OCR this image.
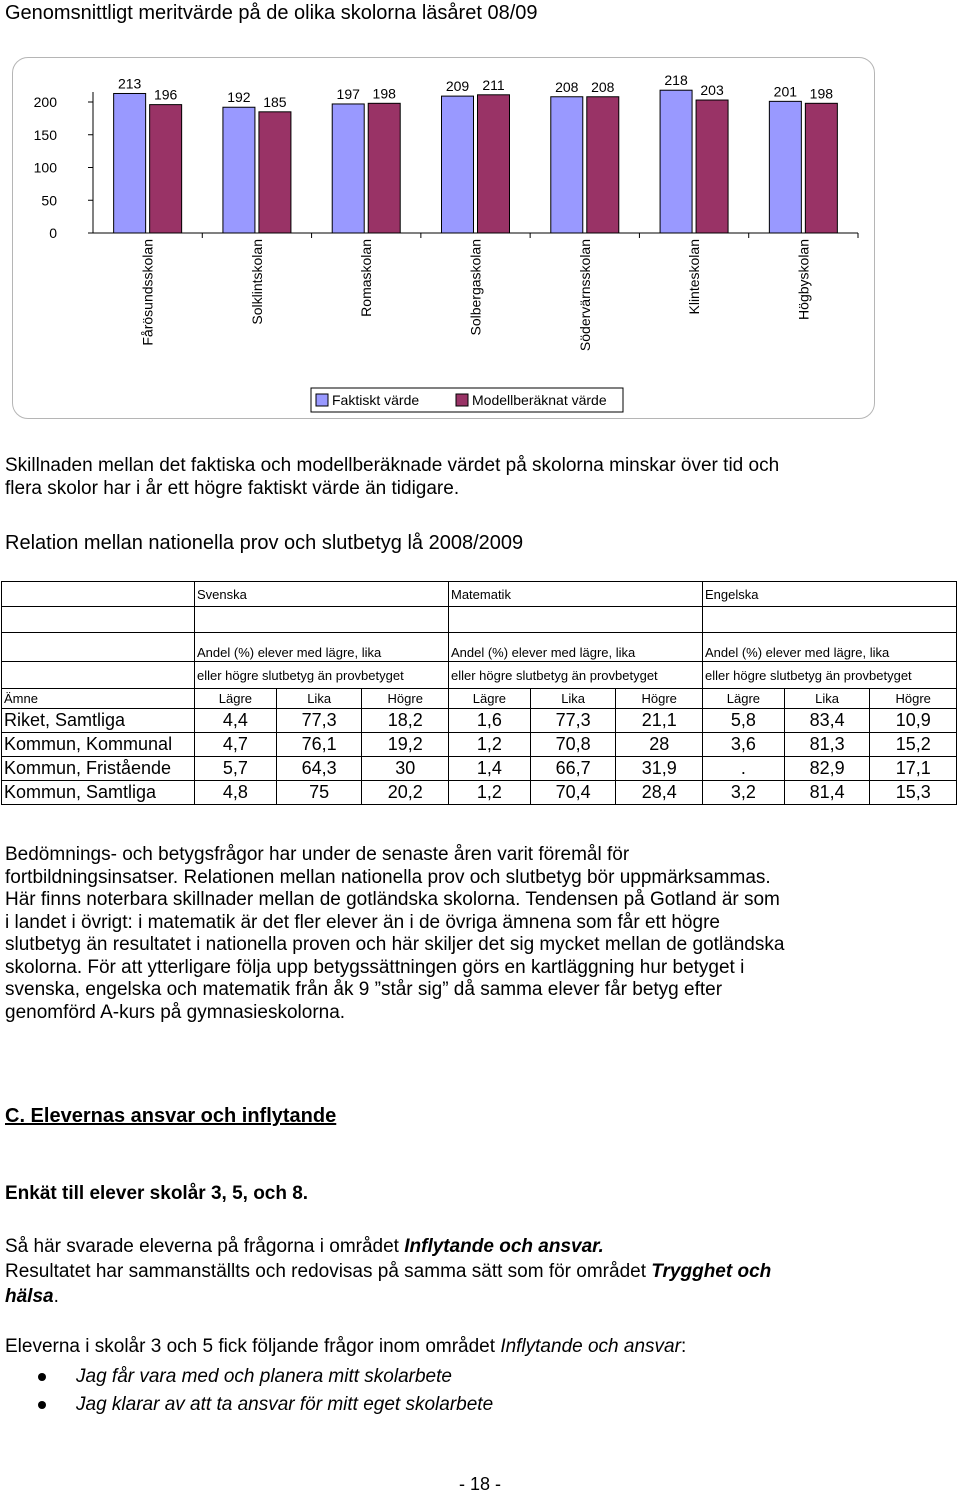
Genomsnittligt meritvärde på de olika skolorna läsåret 08/09
0
50
100
150
200
213
196
Fårösundsskolan
192 185
Solklintskolan
197 198
Romaskolan
209 211
Solbergaskolan
208 208
Södervärnsskolan
218
203
Klinteskolan
201 198
Högbyskolan
Faktiskt värde	Modellberäknat värde
Skillnaden mellan det faktiska och modellberäknade värdet på skolorna minskar över tid och
flera skolor har i år ett högre faktiskt värde än tidigare.
Relation mellan nationella prov och slutbetyg lå 2008/2009
	Svenska			Matematik			Engelska		

	Andel (%) elever med lägre, lika			Andel (%) elever med lägre, lika			Andel (%) elever med lägre, lika		
	eller högre slutbetyg än provbetyget			eller högre slutbetyg än provbetyget			eller högre slutbetyg än provbetyget		
Ämne	Lägre	Lika	Högre	Lägre	Lika	Högre	Lägre	Lika	Högre
Riket, Samtliga	4,4	77,3	18,2	1,6	77,3	21,1	5,8	83,4	10,9
Kommun, Kommunal	4,7	76,1	19,2	1,2	70,8	28	3,6	81,3	15,2
Kommun, Fristående	5,7	64,3	30	1,4	66,7	31,9	.	82,9	17,1
Kommun, Samtliga	4,8	75	20,2	1,2	70,4	28,4	3,2	81,4	15,3
Bedömnings- och betygsfrågor har under de senaste åren varit föremål för
fortbildningsinsatser. Relationen mellan nationella prov och slutbetyg bör uppmärksammas.
Här finns noterbara skillnader mellan de gotländska skolorna. Tendensen på Gotland är som
i landet i övrigt: i matematik är det fler elever än i de övriga ämnena som får ett högre
slutbetyg än resultatet i nationella proven och här skiljer det sig mycket mellan de gotländska
skolorna. För att ytterligare följa upp betygssättningen görs en kartläggning hur betyget i
svenska, engelska och matematik från åk 9 ”står sig” då samma elever får betyg efter
genomförd A-kurs på gymnasieskolorna.
C. Elevernas ansvar och inflytande
Enkät till elever skolår 3, 5, och 8.
Så här svarade eleverna på frågorna i området Inflytande och ansvar.
Resultatet har sammanställts och redovisas på samma sätt som för området Trygghet och
hälsa.
Eleverna i skolår 3 och 5 fick följande frågor inom området Inflytande och ansvar:
Jag får vara med och planera mitt skolarbete
Jag klarar av att ta ansvar för mitt eget skolarbete
- 18 -
